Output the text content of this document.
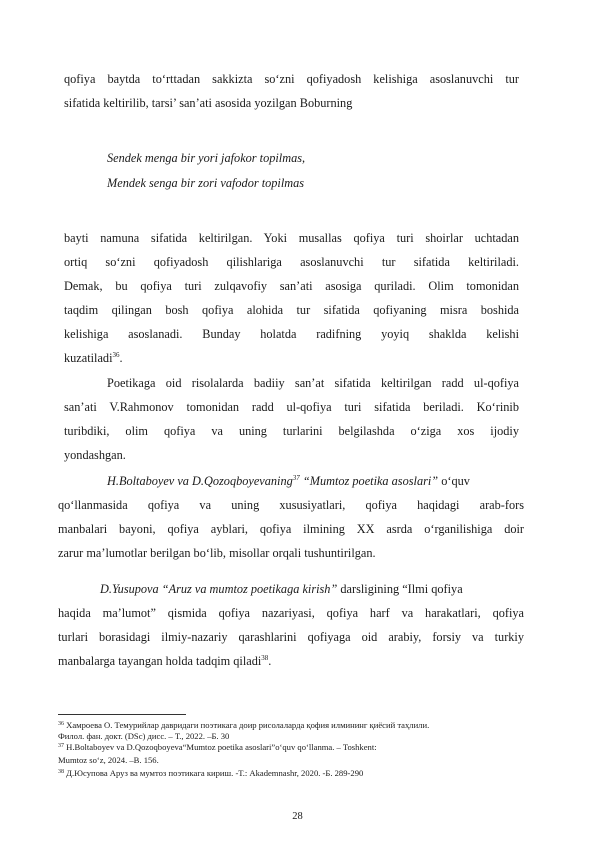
qofiya baytda to‘rttadan sakkizta so‘zni qofiyadosh kelishiga asoslanuvchi tur
sifatida keltirilib, tarsi’ san’ati asosida yozilgan Boburning
Sendek menga bir yori jafokor topilmas,
Mendek senga bir zori vafodor topilmas
bayti namuna sifatida keltirilgan. Yoki musallas qofiya turi shoirlar uchtadan
ortiq so‘zni qofiyadosh qilishlariga asoslanuvchi tur sifatida keltiriladi.
Demak, bu qofiya turi zulqavofiy san’ati asosiga quriladi. Olim tomonidan
taqdim qilingan bosh qofiya alohida tur sifatida qofiyaning misra boshida
kelishiga asoslanadi. Bunday holatda radifning yoyiq shaklda kelishi
kuzatiladi$^{36}$.
Poetikaga oid risolalarda badiiy san’at sifatida keltirilgan radd ul-qofiya
san’ati V.Rahmonov tomonidan radd ul-qofiya turi sifatida beriladi. Ko‘rinib
turibdiki, olim qofiya va uning turlarini belgilashda o‘ziga xos ijodiy
yondashgan.
H.Boltaboyev va D.Qozoqboyevaning$^{37}$ “Mumtoz poetika asoslari” o‘quv
qo‘llanmasida qofiya va uning xususiyatlari, qofiya haqidagi arab-fors
manbalari bayoni, qofiya ayblari, qofiya ilmining XX asrda o‘rganilishiga doir
zarur ma’lumotlar berilgan bo‘lib, misollar orqali tushuntirilgan.
D.Yusupova “Aruz va mumtoz poetikaga kirish” darsligining “Ilmi qofiya
haqida ma’lumot” qismida qofiya nazariyasi, qofiya harf va harakatlari, qofiya
turlari borasidagi ilmiy-nazariy qarashlarini qofiyaga oid arabiy, forsiy va turkiy
manbalarga tayangan holda tadqim qiladi$^{38}$.
$^{36}$ Хамроева О. Темурийлар давридаги поэтикага доир рисолаларда қофия илмининг қиёсий таҳлили.
Филол. фан. докт. (DSc) дисс. – Т., 2022. –Б. 30
$^{37}$ H.Boltaboyev va D.Qozoqboyeva“Mumtoz poetika asoslari”o‘quv qo‘llanma. – Toshkent:
Mumtoz so‘z, 2024. –B. 156.
$^{38}$ Д.Юсупова Аруз ва мумтоз поэтикага кириш. -Т.: Akademnashr, 2020. -Б. 289-290
28
